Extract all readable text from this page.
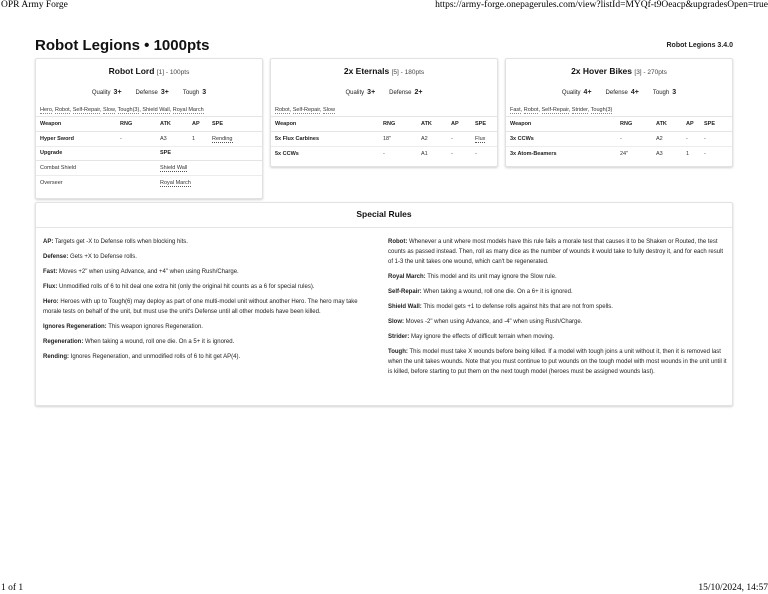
OPR Army Forge	https://army-forge.onepagerules.com/view?listId=MYQf-t9Oeacp&upgradesOpen=true
Robot Legions • 1000pts	Robot Legions 3.4.0
Robot Lord [1] - 100pts
Quality 3+ Defense 3+ Tough 3
Hero, Robot, Self-Repair, Slow, Tough(3), Shield Wall, Royal March
Weapon	RNG	ATK	AP	SPE
Hyper Sword	-	A3	1	Rending
Upgrade		SPE		
Combat Shield		Shield Wall		
Overseer		Royal March		
2x Eternals [5] - 180pts
Quality 3+ Defense 2+
Robot, Self-Repair, Slow
Weapon	RNG	ATK	AP	SPE
5x Flux Carbines	18"	A2	-	Flux
5x CCWs	-	A1	-	-
2x Hover Bikes [3] - 270pts
Quality 4+ Defense 4+ Tough 3
Fast, Robot, Self-Repair, Strider, Tough(3)
Weapon	RNG	ATK	AP	SPE
3x CCWs	-	A2	-	-
3x Atom-Beamers	24"	A3	1	-
Special Rules
AP: Targets get -X to Defense rolls when blocking hits.
Defense: Gets +X to Defense rolls.
Fast: Moves +2" when using Advance, and +4" when using Rush/Charge.
Flux: Unmodified rolls of 6 to hit deal one extra hit (only the original hit counts as a 6 for special rules).
Hero: Heroes with up to Tough(6) may deploy as part of one multi-model unit without another Hero. The hero may take morale tests on behalf of the unit, but must use the unit's Defense until all other models have been killed.
Ignores Regeneration: This weapon ignores Regeneration.
Regeneration: When taking a wound, roll one die. On a 5+ it is ignored.
Rending: Ignores Regeneration, and unmodified rolls of 6 to hit get AP(4).
Robot: Whenever a unit where most models have this rule fails a morale test that causes it to be Shaken or Routed, the test counts as passed instead. Then, roll as many dice as the number of wounds it would take to fully destroy it, and for each result of 1-3 the unit takes one wound, which can't be regenerated.
Royal March: This model and its unit may ignore the Slow rule.
Self-Repair: When taking a wound, roll one die. On a 6+ it is ignored.
Shield Wall: This model gets +1 to defense rolls against hits that are not from spells.
Slow: Moves -2" when using Advance, and -4" when using Rush/Charge.
Strider: May ignore the effects of difficult terrain when moving.
Tough: This model must take X wounds before being killed. If a model with tough joins a unit without it, then it is removed last when the unit takes wounds. Note that you must continue to put wounds on the tough model with most wounds in the unit until it is killed, before starting to put them on the next tough model (heroes must be assigned wounds last).
1 of 1	15/10/2024, 14:57
